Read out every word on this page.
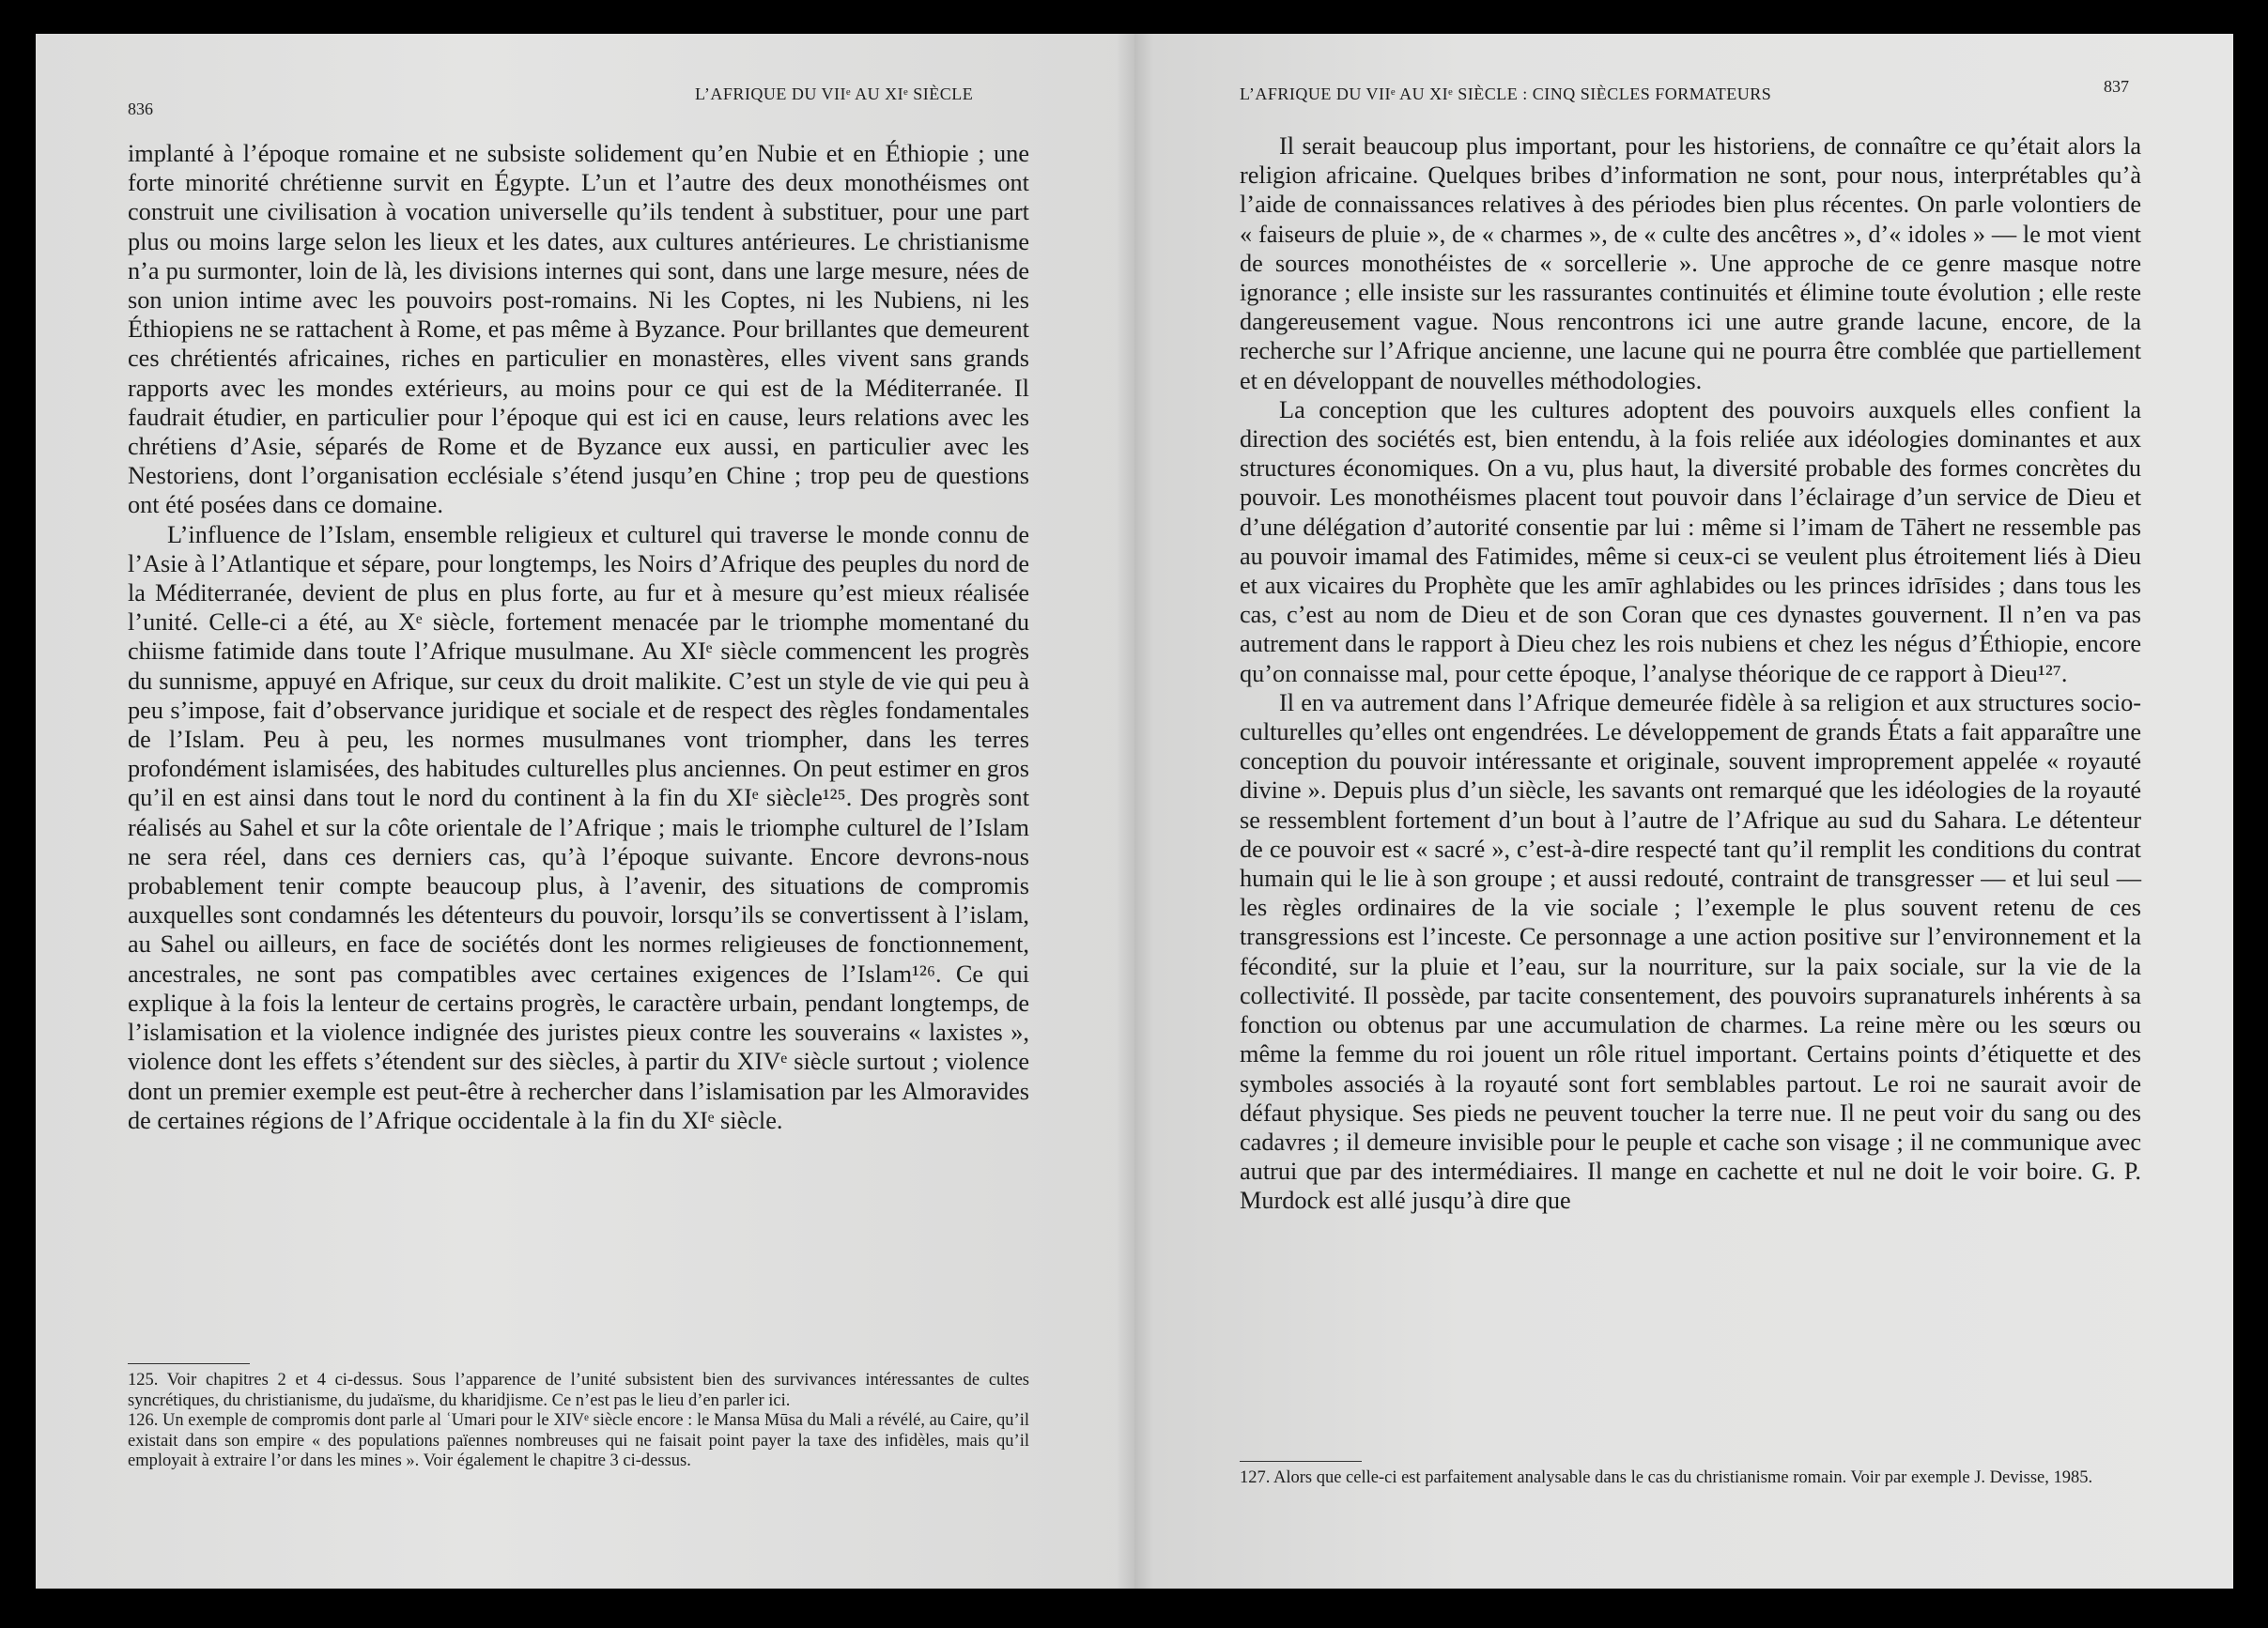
836
L’AFRIQUE DU VIIᵉ AU XIᵉ SIÈCLE

implanté à l’époque romaine et ne subsiste solidement qu’en Nubie et en Éthiopie ; une forte minorité chrétienne survit en Égypte. L’un et l’autre des deux monothéismes ont construit une civilisation à vocation universelle qu’ils tendent à substituer, pour une part plus ou moins large selon les lieux et les dates, aux cultures antérieures. Le christianisme n’a pu surmonter, loin de là, les divisions internes qui sont, dans une large mesure, nées de son union intime avec les pouvoirs post-romains. Ni les Coptes, ni les Nubiens, ni les Éthiopiens ne se rattachent à Rome, et pas même à Byzance. Pour brillantes que demeurent ces chrétientés africaines, riches en particulier en monastères, elles vivent sans grands rapports avec les mondes extérieurs, au moins pour ce qui est de la Méditerranée. Il faudrait étudier, en particulier pour l’époque qui est ici en cause, leurs relations avec les chrétiens d’Asie, séparés de Rome et de Byzance eux aussi, en particulier avec les Nestoriens, dont l’organisation ecclésiale s’étend jusqu’en Chine ; trop peu de questions ont été posées dans ce domaine.

L’influence de l’Islam, ensemble religieux et culturel qui traverse le monde connu de l’Asie à l’Atlantique et sépare, pour longtemps, les Noirs d’Afrique des peuples du nord de la Méditerranée, devient de plus en plus forte, au fur et à mesure qu’est mieux réalisée l’unité. Celle-ci a été, au Xᵉ siècle, fortement menacée par le triomphe momentané du chiisme fatimide dans toute l’Afrique musulmane. Au XIᵉ siècle commencent les progrès du sunnisme, appuyé en Afrique, sur ceux du droit malikite. C’est un style de vie qui peu à peu s’impose, fait d’observance juridique et sociale et de respect des règles fondamentales de l’Islam. Peu à peu, les normes musulmanes vont triompher, dans les terres profondément islamisées, des habitudes culturelles plus anciennes. On peut estimer en gros qu’il en est ainsi dans tout le nord du continent à la fin du XIᵉ siècle¹²⁵. Des progrès sont réalisés au Sahel et sur la côte orientale de l’Afrique ; mais le triomphe culturel de l’Islam ne sera réel, dans ces derniers cas, qu’à l’époque suivante. Encore devrons-nous probablement tenir compte beaucoup plus, à l’avenir, des situations de compromis auxquelles sont condamnés les détenteurs du pouvoir, lorsqu’ils se convertissent à l’islam, au Sahel ou ailleurs, en face de sociétés dont les normes religieuses de fonctionnement, ancestrales, ne sont pas compatibles avec certaines exigences de l’Islam¹²⁶. Ce qui explique à la fois la lenteur de certains progrès, le caractère urbain, pendant longtemps, de l’islamisation et la violence indignée des juristes pieux contre les souverains « laxistes », violence dont les effets s’étendent sur des siècles, à partir du XIVᵉ siècle surtout ; violence dont un premier exemple est peut-être à rechercher dans l’islamisation par les Almoravides de certaines régions de l’Afrique occidentale à la fin du XIᵉ siècle.

125. Voir chapitres 2 et 4 ci-dessus. Sous l’apparence de l’unité subsistent bien des survivances intéressantes de cultes syncrétiques, du christianisme, du judaïsme, du kharidjisme. Ce n’est pas le lieu d’en parler ici.

126. Un exemple de compromis dont parle al ʿUmari pour le XIVᵉ siècle encore : le Mansa Mūsa du Mali a révélé, au Caire, qu’il existait dans son empire « des populations païennes nombreuses qui ne faisait point payer la taxe des infidèles, mais qu’il employait à extraire l’or dans les mines ». Voir également le chapitre 3 ci-dessus.

L’AFRIQUE DU VIIᵉ AU XIᵉ SIÈCLE : CINQ SIÈCLES FORMATEURS	837

Il serait beaucoup plus important, pour les historiens, de connaître ce qu’était alors la religion africaine. Quelques bribes d’information ne sont, pour nous, interprétables qu’à l’aide de connaissances relatives à des périodes bien plus récentes. On parle volontiers de « faiseurs de pluie », de « charmes », de « culte des ancêtres », d’« idoles » — le mot vient de sources monothéistes de « sorcellerie ». Une approche de ce genre masque notre ignorance ; elle insiste sur les rassurantes continuités et élimine toute évolution ; elle reste dangereusement vague. Nous rencontrons ici une autre grande lacune, encore, de la recherche sur l’Afrique ancienne, une lacune qui ne pourra être comblée que partiellement et en développant de nouvelles méthodologies.

La conception que les cultures adoptent des pouvoirs auxquels elles confient la direction des sociétés est, bien entendu, à la fois reliée aux idéologies dominantes et aux structures économiques. On a vu, plus haut, la diversité probable des formes concrètes du pouvoir. Les monothéismes placent tout pouvoir dans l’éclairage d’un service de Dieu et d’une délégation d’autorité consentie par lui : même si l’imam de Tāhert ne ressemble pas au pouvoir imamal des Fatimides, même si ceux-ci se veulent plus étroitement liés à Dieu et aux vicaires du Prophète que les amīr aghlabides ou les princes idrīsides ; dans tous les cas, c’est au nom de Dieu et de son Coran que ces dynastes gouvernent. Il n’en va pas autrement dans le rapport à Dieu chez les rois nubiens et chez les négus d’Éthiopie, encore qu’on connaisse mal, pour cette époque, l’analyse théorique de ce rapport à Dieu¹²⁷.

Il en va autrement dans l’Afrique demeurée fidèle à sa religion et aux structures socio-culturelles qu’elles ont engendrées. Le développement de grands États a fait apparaître une conception du pouvoir intéressante et originale, souvent improprement appelée « royauté divine ». Depuis plus d’un siècle, les savants ont remarqué que les idéologies de la royauté se ressemblent fortement d’un bout à l’autre de l’Afrique au sud du Sahara. Le détenteur de ce pouvoir est « sacré », c’est-à-dire respecté tant qu’il remplit les conditions du contrat humain qui le lie à son groupe ; et aussi redouté, contraint de transgresser — et lui seul — les règles ordinaires de la vie sociale ; l’exemple le plus souvent retenu de ces transgressions est l’inceste. Ce personnage a une action positive sur l’environnement et la fécondité, sur la pluie et l’eau, sur la nourriture, sur la paix sociale, sur la vie de la collectivité. Il possède, par tacite consentement, des pouvoirs supranaturels inhérents à sa fonction ou obtenus par une accumulation de charmes. La reine mère ou les sœurs ou même la femme du roi jouent un rôle rituel important. Certains points d’étiquette et des symboles associés à la royauté sont fort semblables partout. Le roi ne saurait avoir de défaut physique. Ses pieds ne peuvent toucher la terre nue. Il ne peut voir du sang ou des cadavres ; il demeure invisible pour le peuple et cache son visage ; il ne communique avec autrui que par des intermédiaires. Il mange en cachette et nul ne doit le voir boire. G. P. Murdock est allé jusqu’à dire que

127. Alors que celle-ci est parfaitement analysable dans le cas du christianisme romain. Voir par exemple J. Devisse, 1985.
